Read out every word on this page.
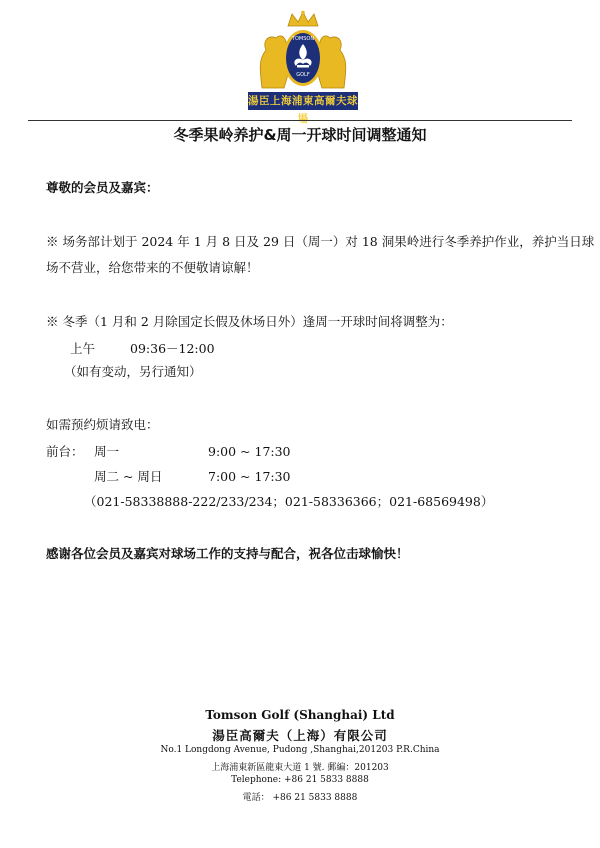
TOMSON
GOLF
湯臣上海浦東高爾夫球場
冬季果岭养护&周一开球时间调整通知
尊敬的会员及嘉宾：
※ 场务部计划于 2024 年 1 月 8 日及 29 日（周一）对 18 洞果岭进行冬季养护作业，养护当日球
场不营业，给您带来的不便敬请谅解！
※ 冬季（1 月和 2 月除国定长假及休场日外）逢周一开球时间将调整为：
上午	09:36－12:00
（如有变动，另行通知）
如需预约烦请致电：
前台： 周一	9:00 ~ 17:30
周二 ~ 周日	7:00 ~ 17:30
（021-58338888-222/233/234；021-58336366；021-68569498）
感谢各位会员及嘉宾对球场工作的支持与配合，祝各位击球愉快！
Tomson Golf (Shanghai) Ltd
湯臣高爾夫（上海）有限公司
No.1 Longdong Avenue, Pudong ,Shanghai,201203 P.R.China
上海浦東新區龍東大道 1 號. 郵編：201203
Telephone: +86 21 5833 8888
電話： +86 21 5833 8888
